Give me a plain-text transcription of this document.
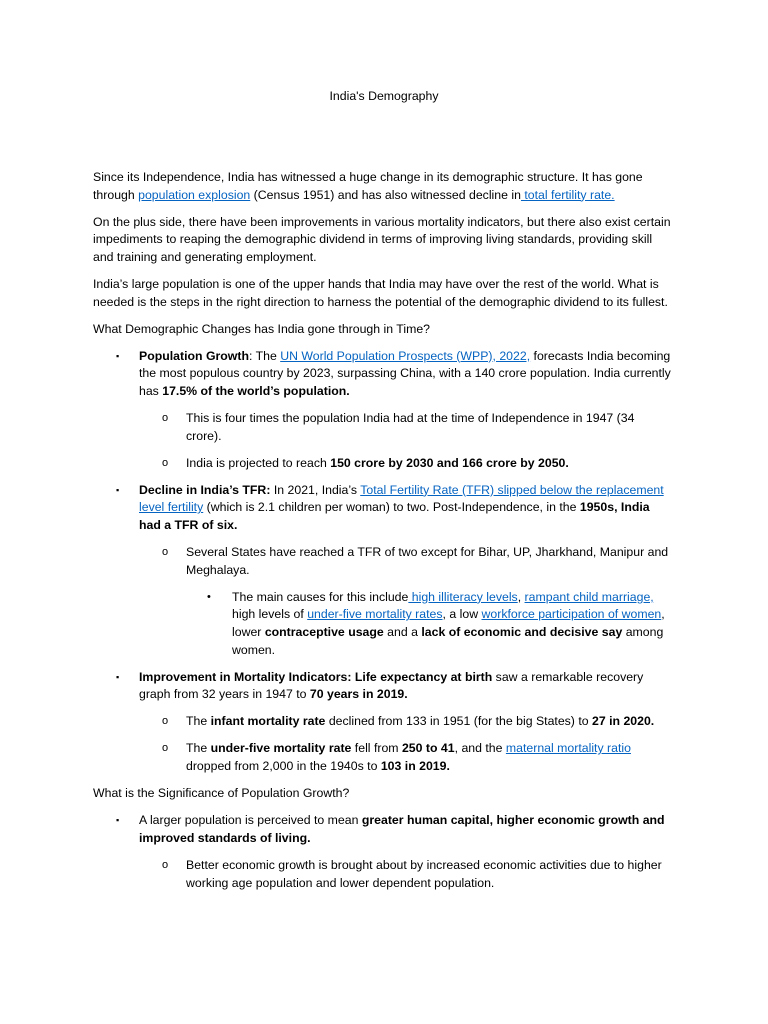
India's Demography

Since its Independence, India has witnessed a huge change in its demographic structure. It has gone through population explosion (Census 1951) and has also witnessed decline in total fertility rate.

On the plus side, there have been improvements in various mortality indicators, but there also exist certain impediments to reaping the demographic dividend in terms of improving living standards, providing skill and training and generating employment.

India’s large population is one of the upper hands that India may have over the rest of the world. What is needed is the steps in the right direction to harness the potential of the demographic dividend to its fullest.

What Demographic Changes has India gone through in Time?

▪ Population Growth: The UN World Population Prospects (WPP), 2022, forecasts India becoming the most populous country by 2023, surpassing China, with a 140 crore population. India currently has 17.5% of the world’s population.
o This is four times the population India had at the time of Independence in 1947 (34 crore).
o India is projected to reach 150 crore by 2030 and 166 crore by 2050.
▪ Decline in India’s TFR: In 2021, India’s Total Fertility Rate (TFR) slipped below the replacement level fertility (which is 2.1 children per woman) to two. Post-Independence, in the 1950s, India had a TFR of six.
o Several States have reached a TFR of two except for Bihar, UP, Jharkhand, Manipur and Meghalaya.
• The main causes for this include high illiteracy levels, rampant child marriage, high levels of under-five mortality rates, a low workforce participation of women, lower contraceptive usage and a lack of economic and decisive say among women.
▪ Improvement in Mortality Indicators: Life expectancy at birth saw a remarkable recovery graph from 32 years in 1947 to 70 years in 2019.
o The infant mortality rate declined from 133 in 1951 (for the big States) to 27 in 2020.
o The under-five mortality rate fell from 250 to 41, and the maternal mortality ratio dropped from 2,000 in the 1940s to 103 in 2019.

What is the Significance of Population Growth?

▪ A larger population is perceived to mean greater human capital, higher economic growth and improved standards of living.
o Better economic growth is brought about by increased economic activities due to higher working age population and lower dependent population.
